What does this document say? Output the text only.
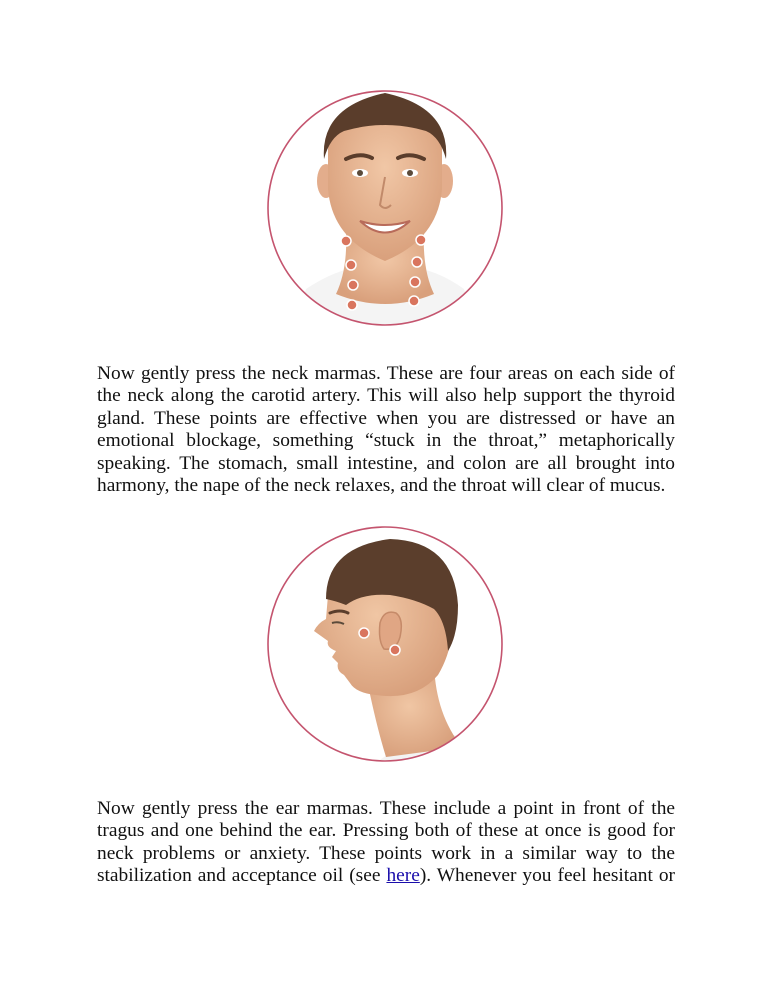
Now gently press the neck marmas. These are four areas on each side of the neck along the carotid artery. This will also help support the thyroid gland. These points are effective when you are distressed or have an emotional blockage, something “stuck in the throat,” metaphorically speaking. The stomach, small intestine, and colon are all brought into harmony, the nape of the neck relaxes, and the throat will clear of mucus.

Now gently press the ear marmas. These include a point in front of the tragus and one behind the ear. Pressing both of these at once is good for neck problems or anxiety. These points work in a similar way to the stabilization and acceptance oil (see here). Whenever you feel hesitant or
